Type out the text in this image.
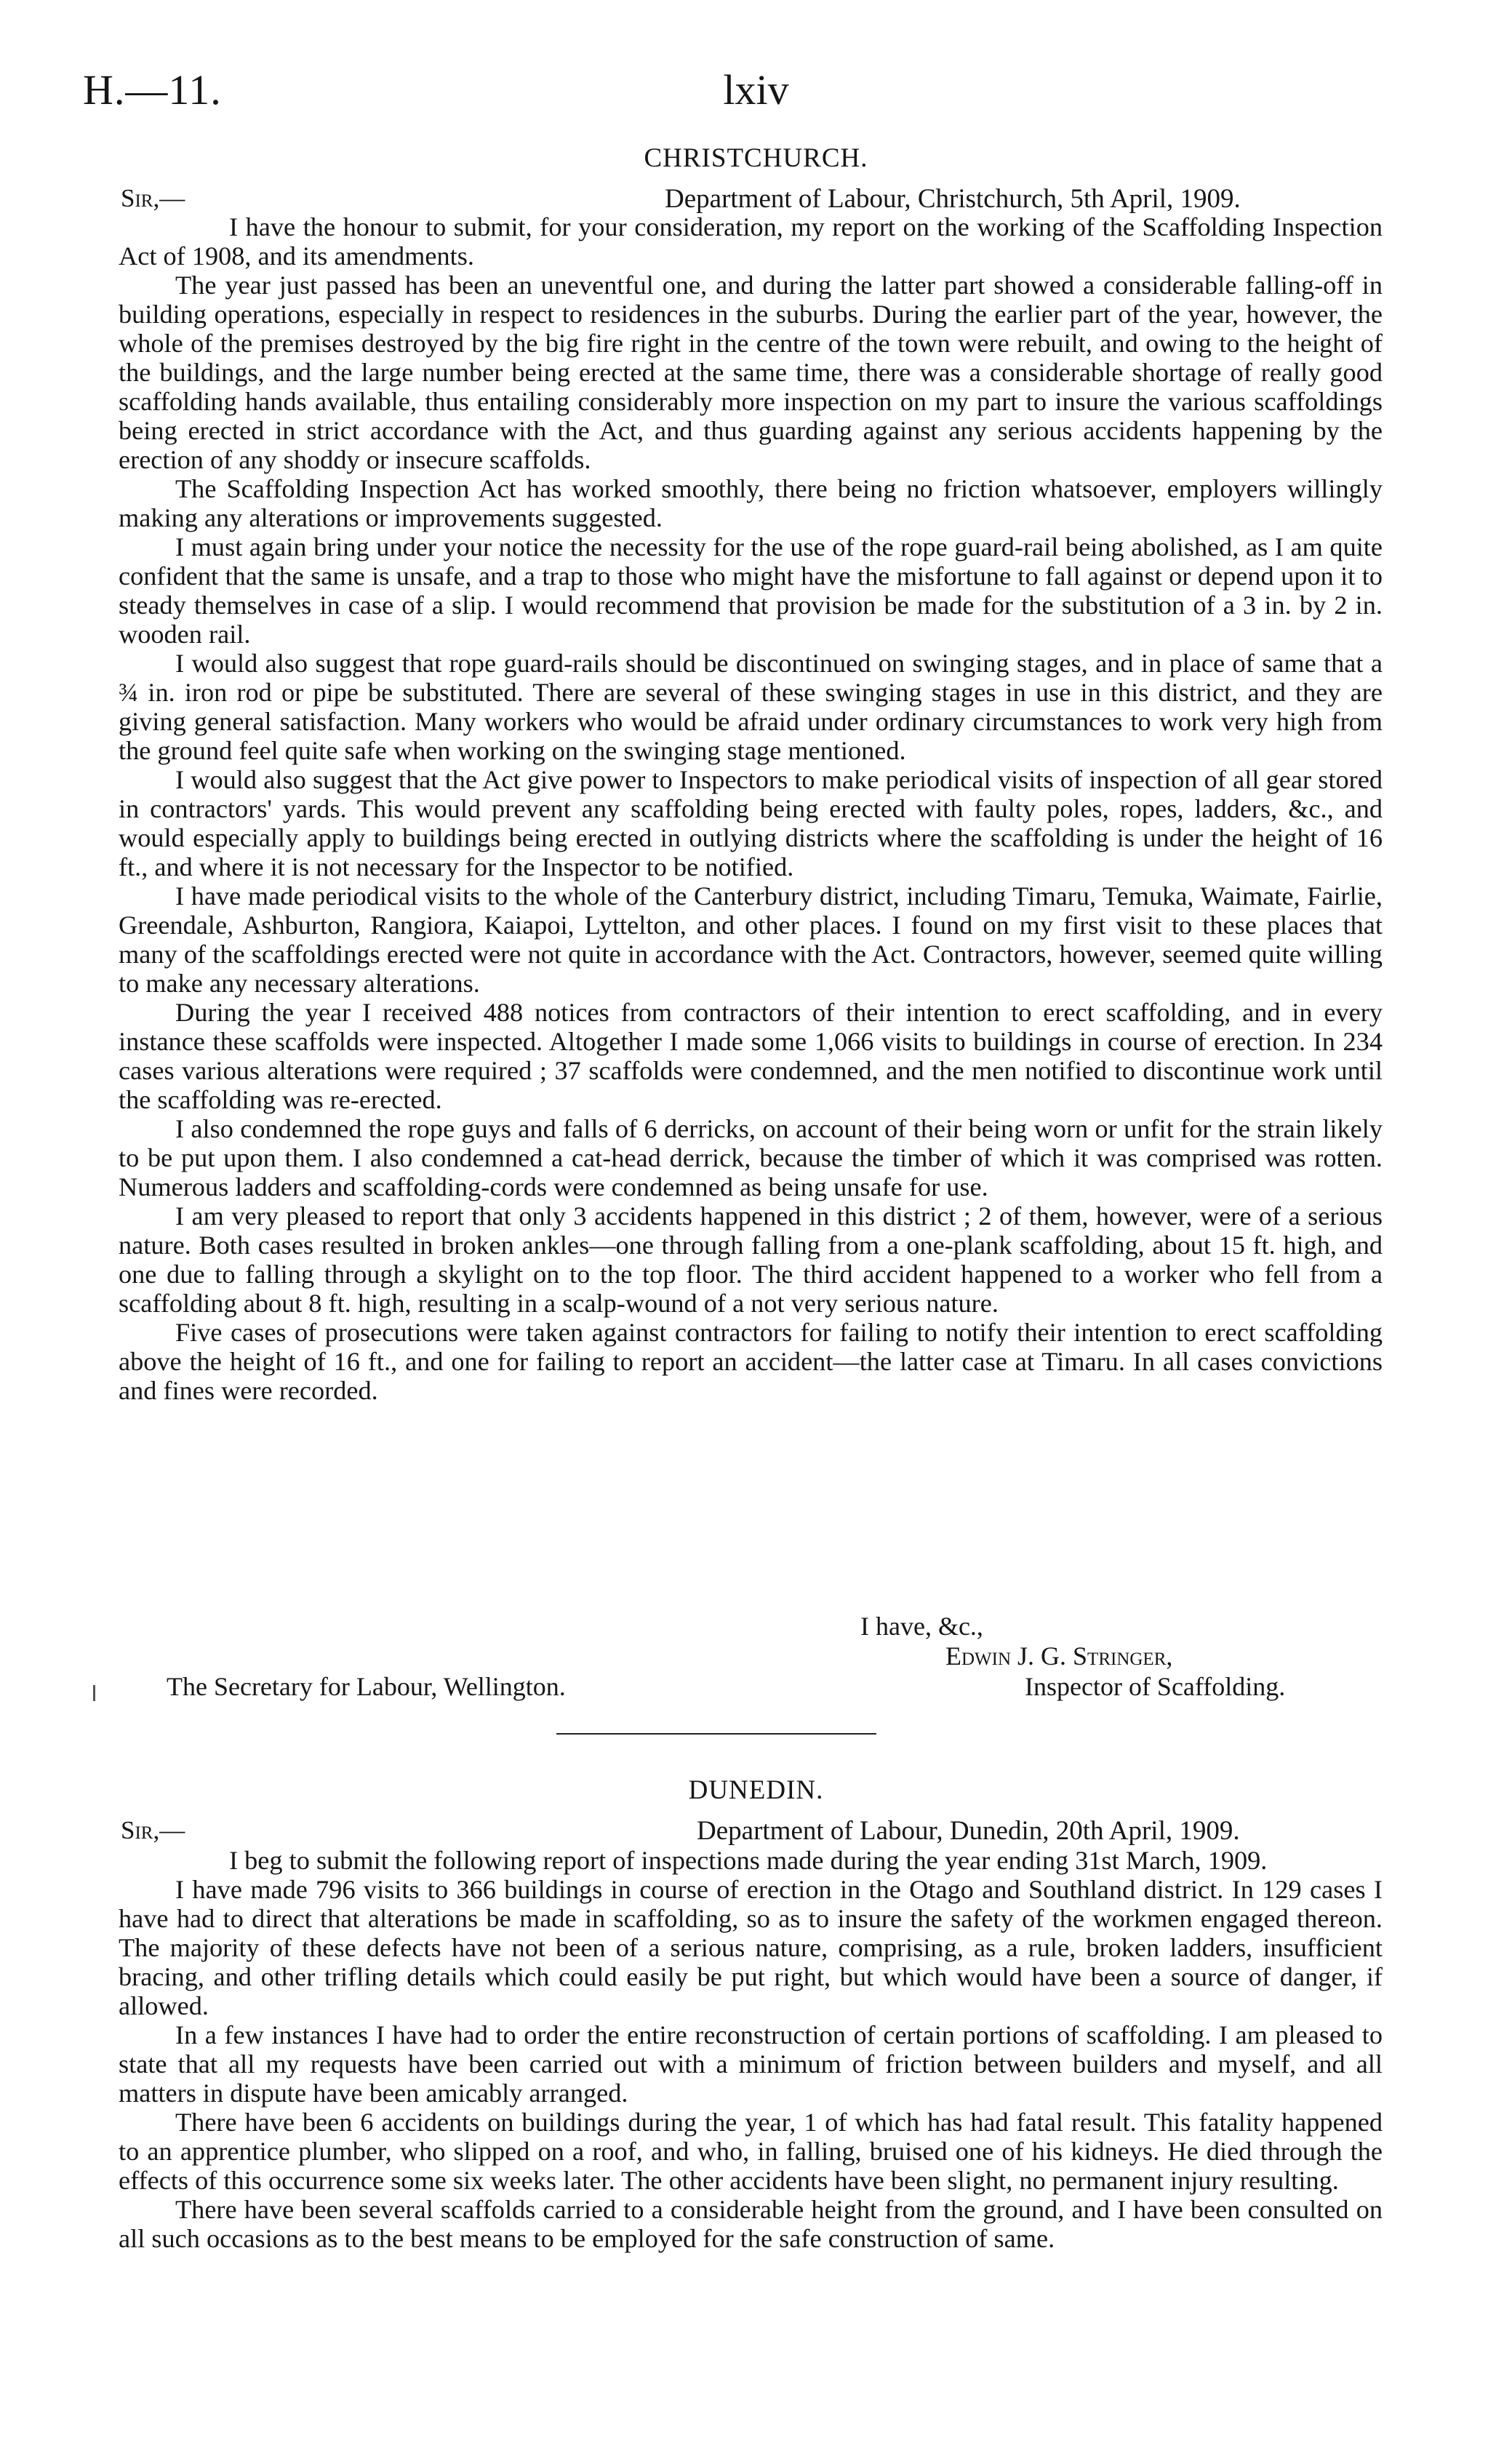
H.—11.	lxiv
CHRISTCHURCH.
Sir,—	Department of Labour, Christchurch, 5th April, 1909.

I have the honour to submit, for your consideration, my report on the working of the Scaffolding Inspection Act of 1908, and its amendments.

The year just passed has been an uneventful one, and during the latter part showed a considerable falling-off in building operations, especially in respect to residences in the suburbs. During the earlier part of the year, however, the whole of the premises destroyed by the big fire right in the centre of the town were rebuilt, and owing to the height of the buildings, and the large number being erected at the same time, there was a considerable shortage of really good scaffolding hands available, thus entailing considerably more inspection on my part to insure the various scaffoldings being erected in strict accordance with the Act, and thus guarding against any serious accidents happening by the erection of any shoddy or insecure scaffolds.

The Scaffolding Inspection Act has worked smoothly, there being no friction whatsoever, employers willingly making any alterations or improvements suggested.

I must again bring under your notice the necessity for the use of the rope guard-rail being abolished, as I am quite confident that the same is unsafe, and a trap to those who might have the misfortune to fall against or depend upon it to steady themselves in case of a slip. I would recommend that provision be made for the substitution of a 3 in. by 2 in. wooden rail.

I would also suggest that rope guard-rails should be discontinued on swinging stages, and in place of same that a ¾ in. iron rod or pipe be substituted. There are several of these swinging stages in use in this district, and they are giving general satisfaction. Many workers who would be afraid under ordinary circumstances to work very high from the ground feel quite safe when working on the swinging stage mentioned.

I would also suggest that the Act give power to Inspectors to make periodical visits of inspection of all gear stored in contractors' yards. This would prevent any scaffolding being erected with faulty poles, ropes, ladders, &c., and would especially apply to buildings being erected in outlying districts where the scaffolding is under the height of 16 ft., and where it is not necessary for the Inspector to be notified.

I have made periodical visits to the whole of the Canterbury district, including Timaru, Temuka, Waimate, Fairlie, Greendale, Ashburton, Rangiora, Kaiapoi, Lyttelton, and other places. I found on my first visit to these places that many of the scaffoldings erected were not quite in accordance with the Act. Contractors, however, seemed quite willing to make any necessary alterations.

During the year I received 488 notices from contractors of their intention to erect scaffolding, and in every instance these scaffolds were inspected. Altogether I made some 1,066 visits to buildings in course of erection. In 234 cases various alterations were required ; 37 scaffolds were condemned, and the men notified to discontinue work until the scaffolding was re-erected.

I also condemned the rope guys and falls of 6 derricks, on account of their being worn or unfit for the strain likely to be put upon them. I also condemned a cat-head derrick, because the timber of which it was comprised was rotten. Numerous ladders and scaffolding-cords were condemned as being unsafe for use.

I am very pleased to report that only 3 accidents happened in this district ; 2 of them, however, were of a serious nature. Both cases resulted in broken ankles—one through falling from a one-plank scaffolding, about 15 ft. high, and one due to falling through a skylight on to the top floor. The third accident happened to a worker who fell from a scaffolding about 8 ft. high, resulting in a scalp-wound of a not very serious nature.

Five cases of prosecutions were taken against contractors for failing to notify their intention to erect scaffolding above the height of 16 ft., and one for failing to report an accident—the latter case at Timaru. In all cases convictions and fines were recorded.

I have, &c.,
Edwin J. G. Stringer,
Inspector of Scaffolding.
The Secretary for Labour, Wellington.
DUNEDIN.
Sir,—	Department of Labour, Dunedin, 20th April, 1909.

I beg to submit the following report of inspections made during the year ending 31st March, 1909.

I have made 796 visits to 366 buildings in course of erection in the Otago and Southland district. In 129 cases I have had to direct that alterations be made in scaffolding, so as to insure the safety of the workmen engaged thereon. The majority of these defects have not been of a serious nature, comprising, as a rule, broken ladders, insufficient bracing, and other trifling details which could easily be put right, but which would have been a source of danger, if allowed.

In a few instances I have had to order the entire reconstruction of certain portions of scaffolding. I am pleased to state that all my requests have been carried out with a minimum of friction between builders and myself, and all matters in dispute have been amicably arranged.

There have been 6 accidents on buildings during the year, 1 of which has had fatal result. This fatality happened to an apprentice plumber, who slipped on a roof, and who, in falling, bruised one of his kidneys. He died through the effects of this occurrence some six weeks later. The other accidents have been slight, no permanent injury resulting.

There have been several scaffolds carried to a considerable height from the ground, and I have been consulted on all such occasions as to the best means to be employed for the safe construction of same.
